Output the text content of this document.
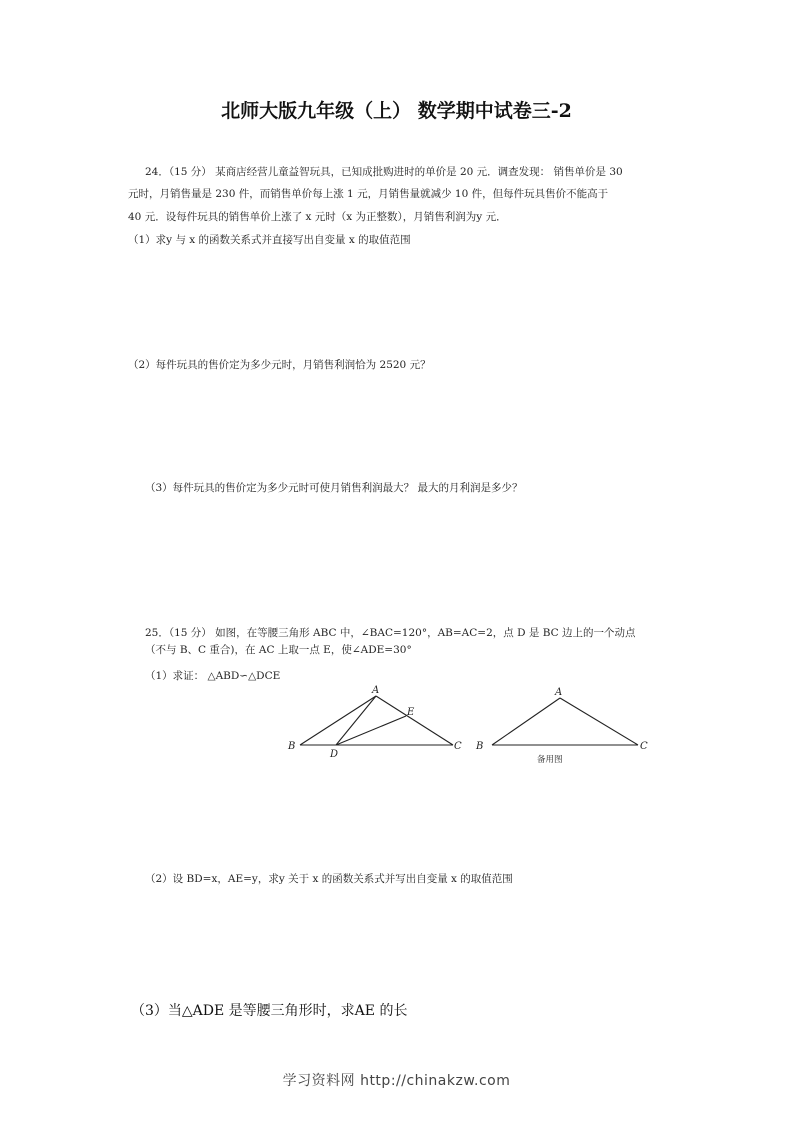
北师大版九年级（上） 数学期中试卷三-2
24．（15 分） 某商店经营儿童益智玩具，已知成批购进时的单价是 20 元．调查发现： 销售单价是 30
元时，月销售量是 230 件，而销售单价每上涨 1 元，月销售量就减少 10 件，但每件玩具售价不能高于
40 元．设每件玩具的销售单价上涨了 x 元时（x 为正整数），月销售利润为y 元．
（1）求y 与 x 的函数关系式并直接写出自变量 x 的取值范围
（2）每件玩具的售价定为多少元时，月销售利润恰为 2520 元？
（3）每件玩具的售价定为多少元时可使月销售利润最大？ 最大的月利润是多少？
25．（15 分） 如图，在等腰三角形 ABC 中，∠BAC=120°，AB=AC=2，点 D 是 BC 边上的一个动点
（不与 B、C 重合)，在 AC 上取一点 E，使∠ADE=30°
（1）求证： △ABD∽△DCE
A
B	C
D
E
A
B	C
备用图
（2）设 BD=x，AE=y，求y 关于 x 的函数关系式并写出自变量 x 的取值范围
（3）当△ADE 是等腰三角形时，求AE 的长
学习资料网 http://chinakzw.com
